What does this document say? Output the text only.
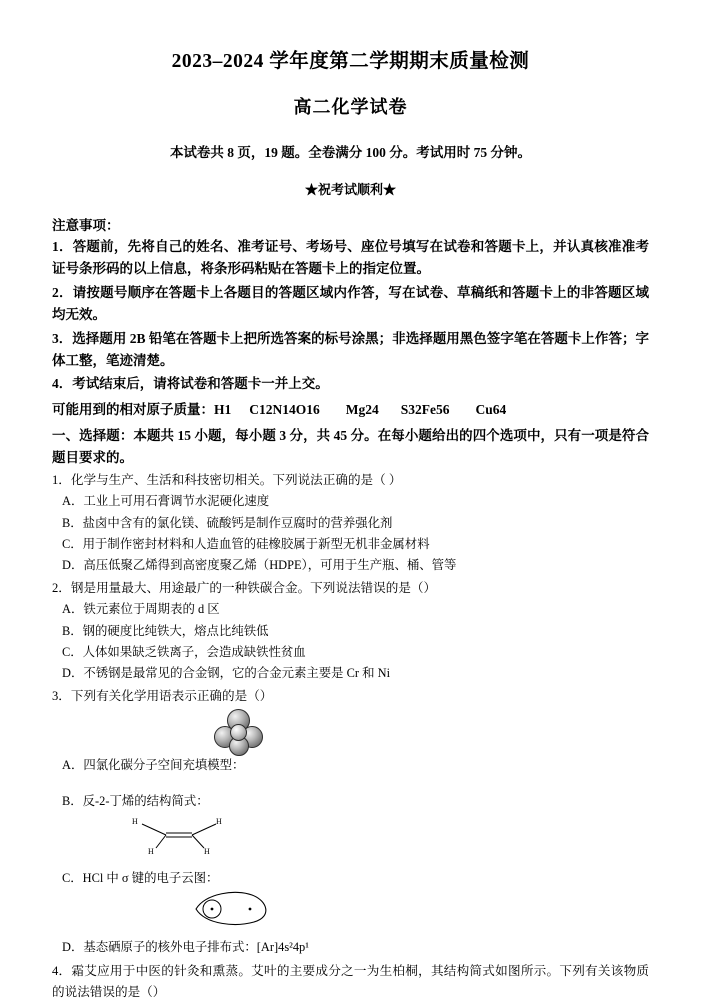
2023–2024 学年度第二学期期末质量检测
高二化学试卷
本试卷共 8 页，19 题。全卷满分 100 分。考试用时 75 分钟。
★祝考试顺利★
注意事项：
1．答题前，先将自己的姓名、准考证号、考场号、座位号填写在试卷和答题卡上，并认真核准准考证号条形码的以上信息，将条形码粘贴在答题卡上的指定位置。
2．请按题号顺序在答题卡上各题目的答题区域内作答，写在试卷、草稿纸和答题卡上的非答题区域均无效。
3．选择题用 2B 铅笔在答题卡上把所选答案的标号涂黑；非选择题用黑色签字笔在答题卡上作答；字体工整，笔迹清楚。
4．考试结束后，请将试卷和答题卡一并上交。
可能用到的相对原子质量：H1 C12N14O16 Mg24 S32Fe56 Cu64
一、选择题：本题共 15 小题，每小题 3 分，共 45 分。在每小题给出的四个选项中，只有一项是符合题目要求的。
1．化学与生产、生活和科技密切相关。下列说法正确的是（ ）
A．工业上可用石膏调节水泥硬化速度
B．盐卤中含有的氯化镁、硫酸钙是制作豆腐时的营养强化剂
C．用于制作密封材料和人造血管的硅橡胶属于新型无机非金属材料
D．高压低聚乙烯得到高密度聚乙烯（HDPE），可用于生产瓶、桶、管等
2．钢是用量最大、用途最广的一种铁碳合金。下列说法错误的是（）
A．铁元素位于周期表的 d 区
B．钢的硬度比纯铁大，熔点比纯铁低
C．人体如果缺乏铁离子，会造成缺铁性贫血
D．不锈钢是最常见的合金钢，它的合金元素主要是 Cr 和 Ni
3．下列有关化学用语表示正确的是（）
A．四氯化碳分子空间充填模型：
B．反-2-丁烯的结构简式：
H	H
H	H
C．HCl 中 σ 键的电子云图：
D．基态硒原子的核外电子排布式：[Ar]4s²4p¹
4．霜艾应用于中医的针灸和熏蒸。艾叶的主要成分之一为生柏桐，其结构简式如图所示。下列有关该物质的说法错误的是（）
